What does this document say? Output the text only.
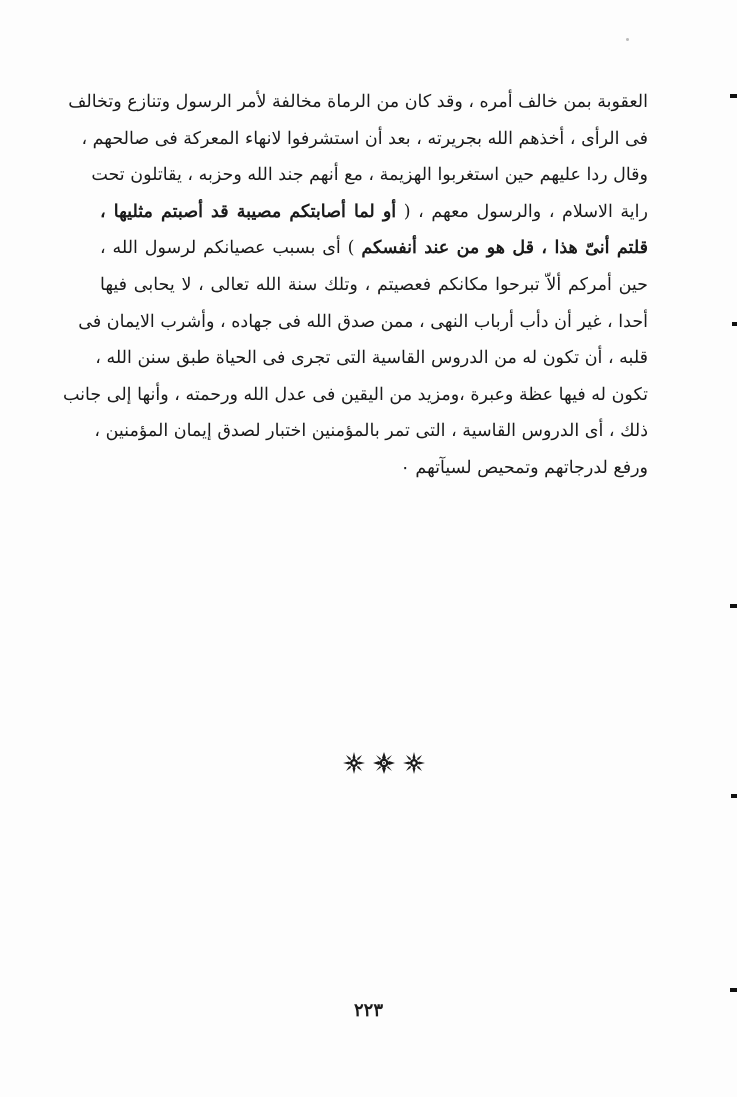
العقوبة بمن خالف أمره ، وقد كان من الرماة مخالفة لأمر الرسول وتنازع وتخالف
فى الرأى ، أخذهم الله بجريرته ، بعد أن استشرفوا لانهاء المعركة فى صالحهم ،
وقال ردا عليهم حين استغربوا الهزيمة ، مع أنهم جند الله وحزبه ، يقاتلون تحت
راية الاسلام ، والرسول معهم ، ( أو لما أصابتكم مصيبة قد أصبتم مثليها ،
قلتم أنىّ هذا ، قل هو من عند أنفسكم ) أى بسبب عصيانكم لرسول الله ،
حين أمركم ألاّ تبرحوا مكانكم فعصيتم ، وتلك سنة الله تعالى ، لا يحابى فيها
أحدا ، غير أن دأب أرباب النهى ، ممن صدق الله فى جهاده ، وأشرب الايمان فى
قلبه ، أن تكون له من الدروس القاسية التى تجرى فى الحياة طبق سنن الله ،
تكون له فيها عظة وعبرة ،ومزيد من اليقين فى عدل الله ورحمته ، وأنها إلى جانب
ذلك ، أى الدروس القاسية ، التى تمر بالمؤمنين اختبار لصدق إيمان المؤمنين ،
ورفع لدرجاتهم وتمحيص لسيآتهم ٠
٢٢٣
